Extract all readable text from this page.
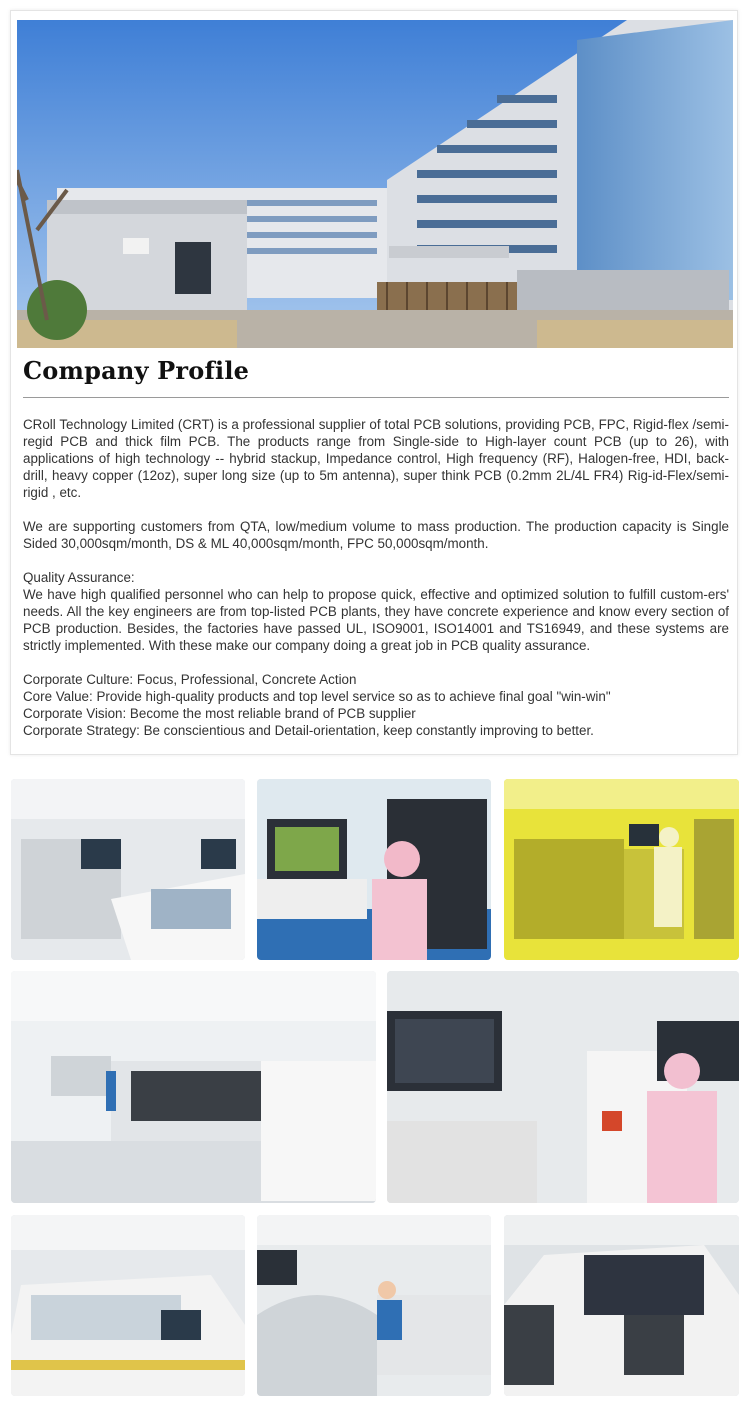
Company Profile

CRoll Technology Limited (CRT) is a professional supplier of total PCB solutions, providing PCB, FPC, Rigid-flex /semi-regid PCB and thick film PCB. The products range from Single-side to High-layer count PCB (up to 26), with applications of high technology -- hybrid stackup, Impedance control, High frequency (RF), Halogen-free, HDI, back-drill, heavy copper (12oz), super long size (up to 5m antenna), super think PCB (0.2mm 2L/4L FR4) Rig-id-Flex/semi-rigid , etc.

We are supporting customers from QTA, low/medium volume to mass production. The production capacity is Single Sided 30,000sqm/month, DS & ML 40,000sqm/month, FPC 50,000sqm/month.

Quality Assurance:

We have high qualified personnel who can help to propose quick, effective and optimized solution to fulfill custom-ers' needs. All the key engineers are from top-listed PCB plants, they have concrete experience and know every section of PCB production. Besides, the factories have passed UL, ISO9001, ISO14001 and TS16949, and these systems are strictly implemented. With these make our company doing a great job in PCB quality assurance.

Corporate Culture: Focus, Professional, Concrete Action
Core Value: Provide high-quality products and top level service so as to achieve final goal "win-win"
Corporate Vision: Become the most reliable brand of PCB supplier
Corporate Strategy: Be conscientious and Detail-orientation, keep constantly improving to better.
